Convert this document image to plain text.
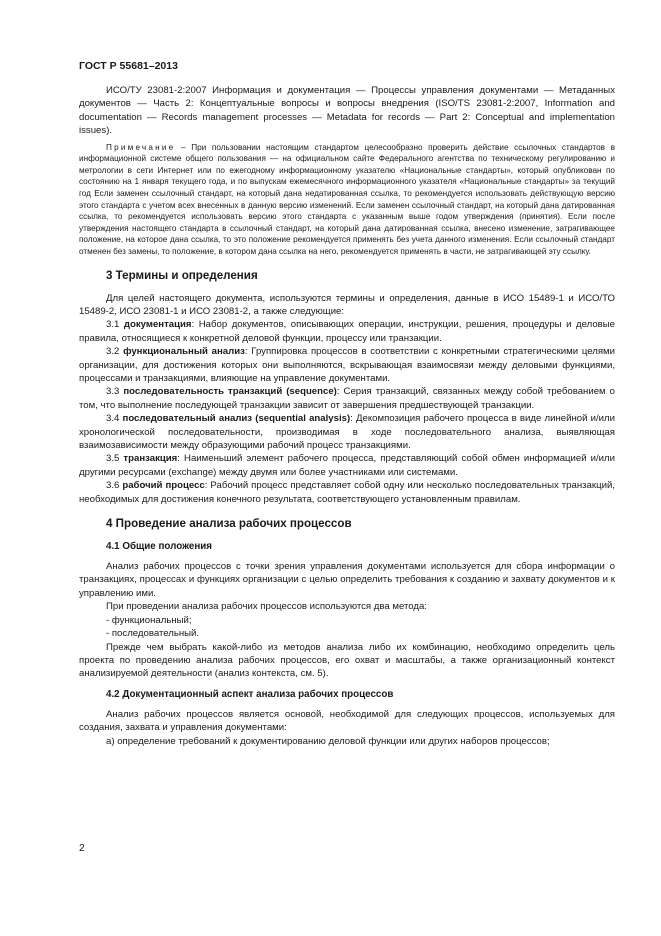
ГОСТ Р 55681–2013

ИСО/ТУ 23081-2:2007 Информация и документация — Процессы управления документами — Метаданных документов — Часть 2: Концептуальные вопросы и вопросы внедрения (ISO/TS 23081-2:2007, Information and documentation — Records management processes — Metadata for records — Part 2: Conceptual and implementation issues).

Примечание – При пользовании настоящим стандартом целесообразно проверить действие ссылочных стандартов в информационной системе общего пользования — на официальном сайте Федерального агентства по техническому регулированию и метрологии в сети Интернет или по ежегодному информационному указателю «Национальные стандарты», который опубликован по состоянию на 1 января текущего года, и по выпускам ежемесячного информационного указателя «Национальные стандарты» за текущий год Если заменен ссылочный стандарт, на который дана недатированная ссылка, то рекомендуется использовать действующую версию этого стандарта с учетом всех внесенных в данную версию изменений. Если заменен ссылочный стандарт, на который дана датированная ссылка, то рекомендуется использовать версию этого стандарта с указанным выше годом утверждения (принятия). Если после утверждения настоящего стандарта в ссылочный стандарт, на который дана датированная ссылка, внесено изменение, затрагивающее положение, на которое дана ссылка, то это положение рекомендуется применять без учета данного изменения. Если ссылочный стандарт отменен без замены, то положение, в котором дана ссылка на него, рекомендуется применять в части, не затрагивающей эту ссылку.

3 Термины и определения

Для целей настоящего документа, используются термины и определения, данные в ИСО 15489-1 и ИСО/ТО 15489-2, ИСО 23081-1 и ИСО 23081-2, а также следующие:

3.1 документация: Набор документов, описывающих операции, инструкции, решения, процедуры и деловые правила, относящиеся к конкретной деловой функции, процессу или транзакции.

3.2 функциональный анализ: Группировка процессов в соответствии с конкретными стратегическими целями организации, для достижения которых они выполняются, вскрывающая взаимосвязи между деловыми функциями, процессами и транзакциями, влияющие на управление документами.

3.3 последовательность транзакций (sequence): Серия транзакций, связанных между собой требованием о том, что выполнение последующей транзакции зависит от завершения предшествующей транзакции.

3.4 последовательный анализ (sequential analysis): Декомпозиция рабочего процесса в виде линейной и/или хронологической последовательности, производимая в ходе последовательного анализа, выявляющая взаимозависимости между образующими рабочий процесс транзакциями.

3.5 транзакция: Наименьший элемент рабочего процесса, представляющий собой обмен информацией и/или другими ресурсами (exchange) между двумя или более участниками или системами.

3.6 рабочий процесс: Рабочий процесс представляет собой одну или несколько последовательных транзакций, необходимых для достижения конечного результата, соответствующего установленным правилам.

4 Проведение анализа рабочих процессов
4.1 Общие положения

Анализ рабочих процессов с точки зрения управления документами используется для сбора информации о транзакциях, процессах и функциях организации с целью определить требования к созданию и захвату документов и к управлению ими.

При проведении анализа рабочих процессов используются два метода:

- функциональный;

- последовательный.

Прежде чем выбрать какой-либо из методов анализа либо их комбинацию, необходимо определить цель проекта по проведению анализа рабочих процессов, его охват и масштабы, а также организационный контекст анализируемой деятельности (анализ контекста, см. 5).

4.2 Документационный аспект анализа рабочих процессов

Анализ рабочих процессов является основой, необходимой для следующих процессов, используемых для создания, захвата и управления документами:

а) определение требований к документированию деловой функции или других наборов процессов;

2
